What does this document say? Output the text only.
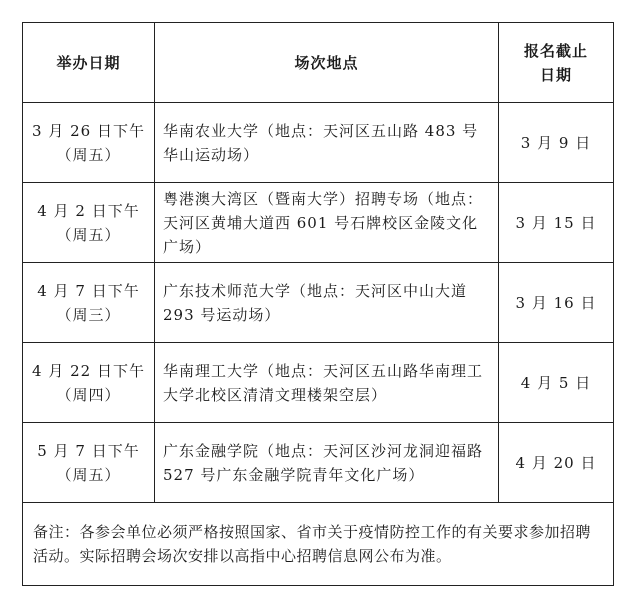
举办日期	场次地点
报名截止
日期
3 月 26 日下午
（周五）
华南农业大学（地点：天河区五山路 483 号华山运动场）
3 月 9 日
4 月 2 日下午
（周五）
粤港澳大湾区（暨南大学）招聘专场（地点：天河区黄埔大道西 601 号石牌校区金陵文化广场）
3 月 15 日
4 月 7 日下午
（周三）
广东技术师范大学（地点：天河区中山大道 293 号运动场）
3 月 16 日
4 月 22 日下午
（周四）
华南理工大学（地点：天河区五山路华南理工大学北校区清清文理楼架空层）
4 月 5 日
5 月 7 日下午
（周五）
广东金融学院（地点：天河区沙河龙洞迎福路 527 号广东金融学院青年文化广场）
4 月 20 日
备注：各参会单位必须严格按照国家、省市关于疫情防控工作的有关要求参加招聘活动。实际招聘会场次安排以高指中心招聘信息网公布为准。
